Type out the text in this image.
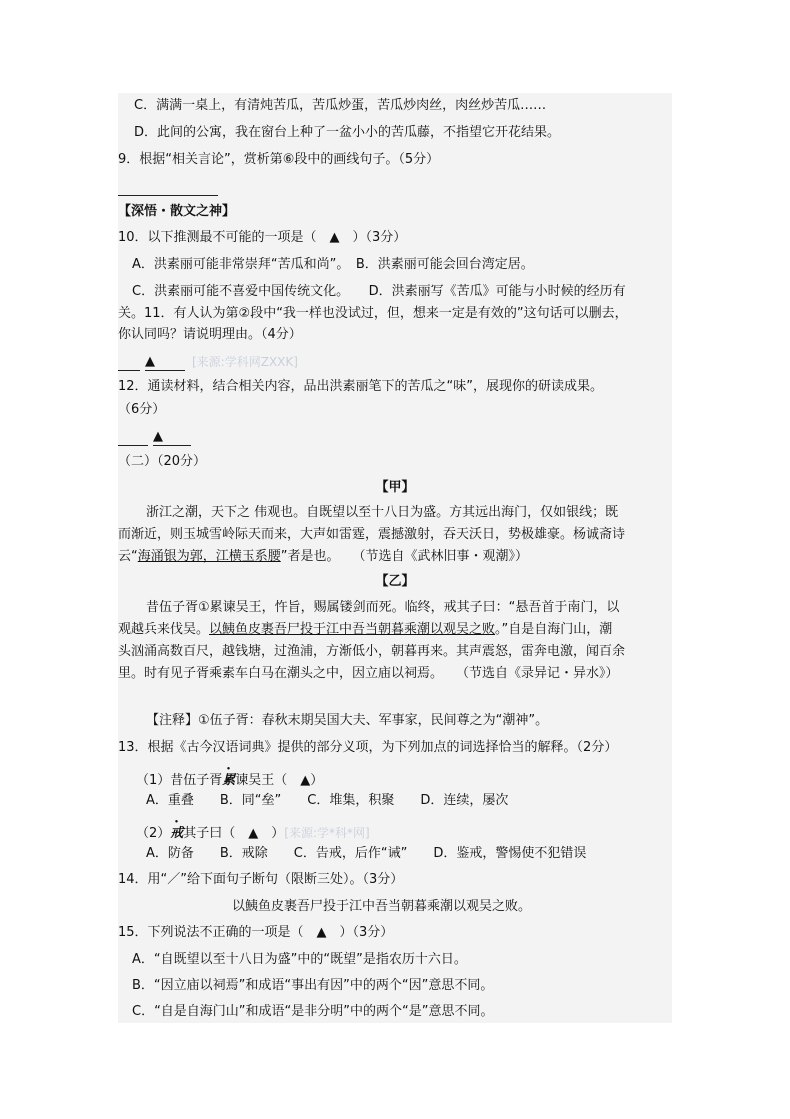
C．满满一桌上，有清炖苦瓜，苦瓜炒蛋，苦瓜炒肉丝，肉丝炒苦瓜……
D．此间的公寓，我在窗台上种了一盆小小的苦瓜藤，不指望它开花结果。
9．根据“相关言论”，赏析第⑥段中的画线句子。（5分）
【深悟・散文之神】
10．以下推测最不可能的一项是（　▲　）（3分）
A．洪素丽可能非常崇拜“苦瓜和尚”。　B．洪素丽可能会回台湾定居。
C．洪素丽可能不喜爱中国传统文化。　　D．洪素丽写《苦瓜》可能与小时候的经历有
关。11．有人认为第②段中“我一样也没试过，但，想来一定是有效的”这句话可以删去，
你认同吗？请说明理由。（4分）
▲	[来源:学科网ZXXK]
12．通读材料，结合相关内容，品出洪素丽笔下的苦瓜之“味”，展现你的研读成果。
（6分）
▲
（二）（20分）
【甲】
浙江之潮，天下之 伟观也。自既望以至十八日为盛。方其远出海门，仅如银线；既
而渐近，则玉城雪岭际天而来，大声如雷霆，震撼激射，吞天沃日，势极雄豪。杨诚斋诗
云“海涌银为郭，江横玉系腰”者是也。　　（节选自《武林旧事・观潮》）
【乙】
昔伍子胥①累谏吴王，忤旨，赐属镂剑而死。临终，戒其子曰：“悬吾首于南门，以
观越兵来伐吴。以鮧鱼皮裹吾尸投于江中吾当朝暮乘潮以观吴之败。”自是自海门山，潮
头汹涌高数百尺，越钱塘，过渔浦，方渐低小，朝暮再来。其声震怒，雷奔电激，闻百余
里。时有见子胥乘素车白马在潮头之中，因立庙以祠焉。　　（节选自《录异记・异水》）
【注释】①伍子胥：春秋末期吴国大夫、军事家，民间尊之为“潮神”。
13．根据《古今汉语词典》提供的部分义项，为下列加点的词选择恰当的解释。（2分）
（1）昔伍子胥累谏吴王（　▲）
A．重叠　　B．同“垒”　　C．堆集，积聚　　D．连续，屡次
（2）戒其子曰（　▲　）[来源:学*科*网]
A．防备　　B．戒除　　C．告戒，后作“诫”　　D．鉴戒，警惕使不犯错误
14．用“／”给下面句子断句（限断三处）。（3分）
以鮧鱼皮裹吾尸投于江中吾当朝暮乘潮以观吴之败。
15．下列说法不正确的一项是（　▲　）（3分）
A．“自既望以至十八日为盛”中的“既望”是指农历十六日。
B．“因立庙以祠焉”和成语“事出有因”中的两个“因”意思不同。
C．“自是自海门山”和成语“是非分明”中的两个“是”意思不同。
